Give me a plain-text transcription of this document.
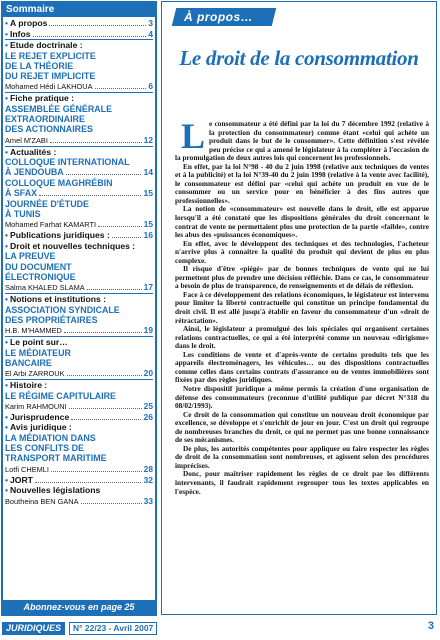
Sommaire
• A propos	3
• Infos	4
• Etude doctrinale :
LE REJET EXPLICITE
DE LA THÉORIE
DU REJET IMPLICITE
Mohamed Hédi LAKHOUA	6
• Fiche pratique :
ASSEMBLÉE GÉNÉRALE
EXTRAORDINAIRE
DES ACTIONNAIRES
Amel M'ZABI	12
• Actualités :
COLLOQUE INTERNATIONAL
À JENDOUBA	14
COLLOQUE MAGHRÉBIN
À SFAX	15
JOURNÉE D'ÉTUDE
À TUNIS
Mohamed Farhat KAMARTI	15
• Publications juridiques :	16
• Droit et nouvelles techniques :
LA PREUVE
DU DOCUMENT
ÉLECTRONIQUE
Salma KHALED SLAMA	17
• Notions et institutions :
ASSOCIATION SYNDICALE
DES PROPRIÉTAIRES
H.B. M'HAMMED	19
• Le point sur…
LE MÉDIATEUR
BANCAIRE
El Arbi ZARROUK	20
• Histoire :
LE RÉGIME CAPITULAIRE
Karim RAHMOUNI	25
• Jurisprudence	26
• Avis juridique :
LA MÉDIATION DANS
LES CONFLITS DE
TRANSPORT MARITIME
Lotfi CHEMLI	28
• JORT	32
• Nouvelles législations
Boutheina BEN GANA	33
Abonnez-vous en page 25
À propos…
Le droit de la consommation

Le consommateur a été défini par la loi du 7 décembre 1992 (relative à la protection du consommateur) comme étant «celui qui achète un produit dans le but de le consommer». Cette définition s'est révélée peu précise ce qui a amené le législateur à la compléter à l'occasion de la promulgation de deux autres lois qui concernent les professionnels.

En effet, par la loi N°98 - 40 du 2 juin 1998 (relative aux techniques de ventes et à la publicité) et la loi N°39-40 du 2 juin 1998 (relative à la vente avec facilité), le consommateur est défini par «celui qui achète un produit en vue de le consommer ou un service pour en bénéficier à des fins autres que professionnelles».

La notion de «consommateur» est nouvelle dans le droit, elle est apparue lorsqu'il a été constaté que les dispositions générales du droit concernant le contrat de vente ne permettaient plus une protection de la partie «faible», contre les abus des «puissances économiques».

En effet, avec le développent des techniques et des technologies, l'acheteur n'arrive plus à connaitre la qualité du produit qui devient de plus en plus complexe.

Il risque d'être «piégé» par de bonnes techniques de vente qui ne lui permettent plus de prendre une décision réfléchie. Dans ce cas, le consommateur a besoin de plus de transparence, de renseignements et de délais de réflexion.

Face à ce développement des relations économiques, le législateur est intervenu pour limiter la liberté contractuelle qui constitue un principe fondamental du droit civil. Il est allé jusqu'à établir en faveur du consommateur d'un «droit de rétractation».

Ainsi, le législateur a promulgué des lois spéciales qui organisent certaines relations contractuelles, ce qui a été interprété comme un nouveau «dirigisme» dans le droit.

Les conditions de vente et d'après-vente de certains produits tels que les appareils électroménagers, les véhicules… ou des dispositions contractuelles comme celles dans certains contrats d'assurance ou de ventes immobilières sont fixées par des règles juridiques.

Notre dispositif juridique a même permis la création d'une organisation de défense des consommateurs (reconnue d'utilité publique par décret N°318 du 08/02/1993).

Ce droit de la consommation qui constitue un nouveau droit économique par excellence, se développe et s'enrichit de jour en jour. C'est un droit qui regroupe de nombreuses branches du droit, ce qui ne permet pas une bonne connaissance de ses mécanismes.

De plus, les autorités compétentes pour appliquer ou faire respecter les règles de droit de la consommation sont nombreuses, et agissent selon des procédures imprécises.

Donc, pour maîtriser rapidement les règles de ce droit par les différents intervenants, il faudrait rapidement regrouper tous les textes applicables en l'espèce.

JURIDIQUES	N° 22/23 - Avril 2007	3
